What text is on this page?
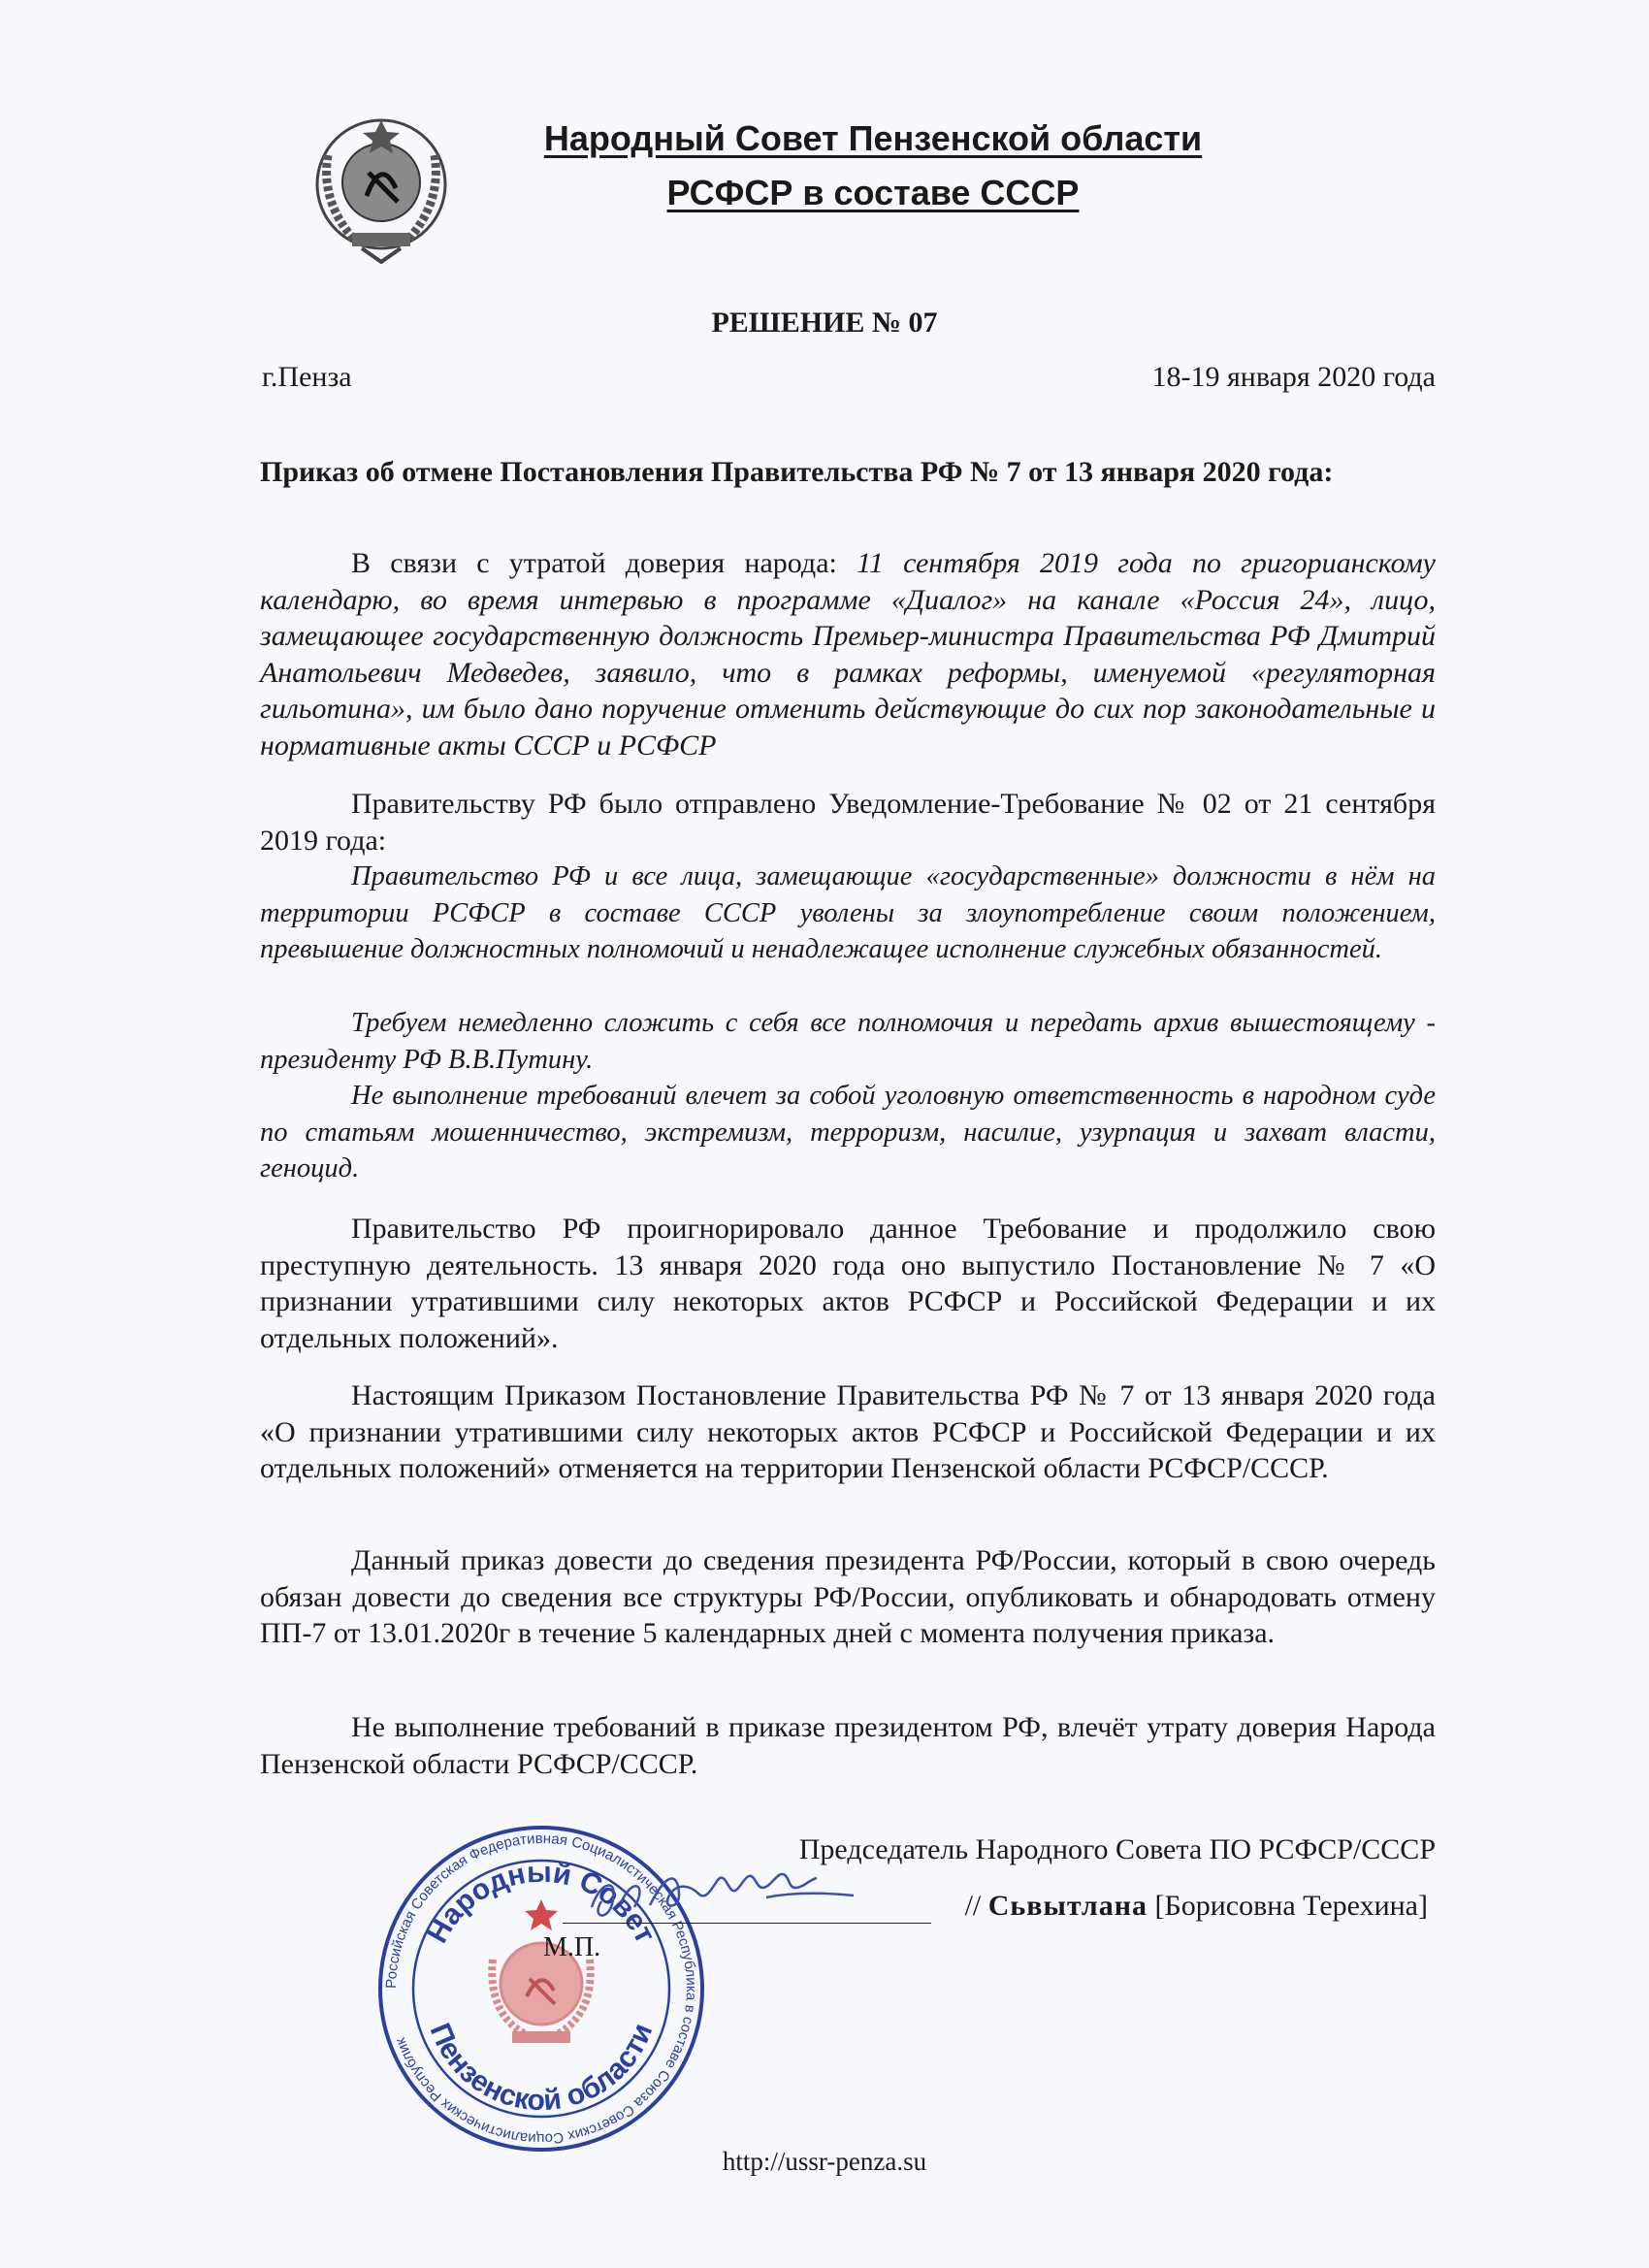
Народный Совет Пензенской области
РСФСР в составе СССР
РЕШЕНИЕ № 07
г.Пенза	18-19 января 2020 года
Приказ об отмене Постановления Правительства РФ № 7 от 13 января 2020 года:

В связи с утратой доверия народа: 11 сентября 2019 года по григорианскому календарю, во время интервью в программе «Диалог» на канале «Россия 24», лицо, замещающее государственную должность Премьер-министра Правительства РФ Дмитрий Анатольевич Медведев, заявило, что в рамках реформы, именуемой «регуляторная гильотина», им было дано поручение отменить действующие до сих пор законодательные и нормативные акты СССР и РСФСР

Правительству РФ было отправлено Уведомление-Требование № 02 от 21 сентября 2019 года:

Правительство РФ и все лица, замещающие «государственные» должности в нём на территории РСФСР в составе СССР уволены за злоупотребление своим положением, превышение должностных полномочий и ненадлежащее исполнение служебных обязанностей.

Требуем немедленно сложить с себя все полномочия и передать архив вышестоящему - президенту РФ В.В.Путину.

Не выполнение требований влечет за собой уголовную ответственность в народном суде по статьям мошенничество, экстремизм, терроризм, насилие, узурпация и захват власти, геноцид.

Правительство РФ проигнорировало данное Требование и продолжило свою преступную деятельность. 13 января 2020 года оно выпустило Постановление № 7 «О признании утратившими силу некоторых актов РСФСР и Российской Федерации и их отдельных положений».

Настоящим Приказом Постановление Правительства РФ № 7 от 13 января 2020 года «О признании утратившими силу некоторых актов РСФСР и Российской Федерации и их отдельных положений» отменяется на территории Пензенской области РСФСР/СССР.

Данный приказ довести до сведения президента РФ/России, который в свою очередь обязан довести до сведения все структуры РФ/России, опубликовать и обнародовать отмену ПП-7 от 13.01.2020г в течение 5 календарных дней с момента получения приказа.

Не выполнение требований в приказе президентом РФ, влечёт утрату доверия Народа Пензенской области РСФСР/СССР.

Председатель Народного Совета ПО РСФСР/СССР
Российская Советская Федеративная Социалистическая Республика в составе Союза Советских Социалистических Республик
Народный Совет
Пензенской области
М.П.
// Сьвытлана [Борисовна Терехина]
http://ussr-penza.su
